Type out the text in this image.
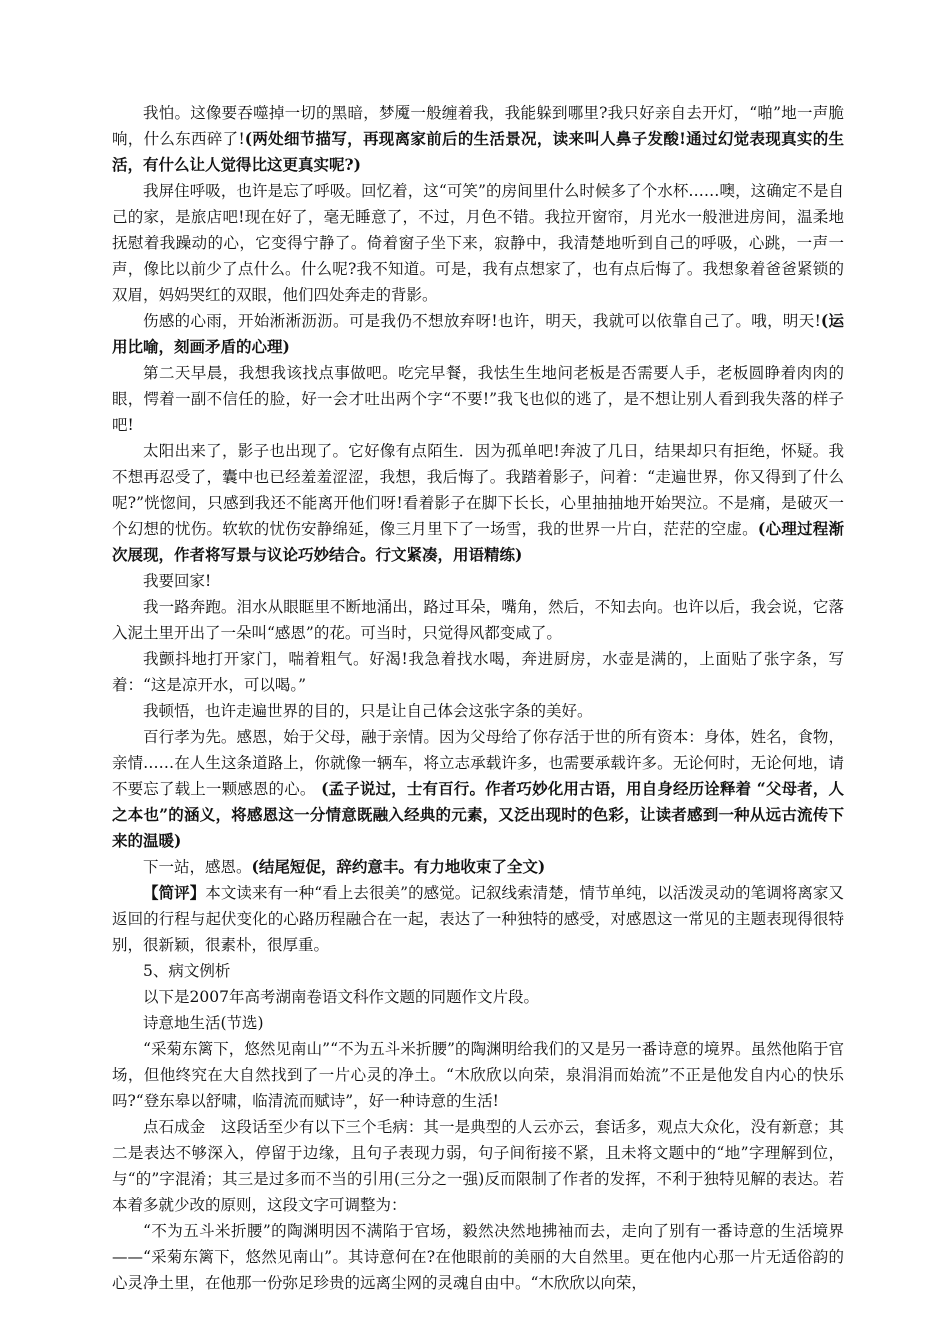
我怕。这像要吞噬掉一切的黑暗，梦魇一般缠着我，我能躲到哪里?我只好亲自去开灯，“啪”地一声脆响，什么东西碎了!(两处细节描写，再现离家前后的生活景况，读来叫人鼻子发酸!通过幻觉表现真实的生活，有什么让人觉得比这更真实呢?)

我屏住呼吸，也许是忘了呼吸。回忆着，这“可笑”的房间里什么时候多了个水杯……噢，这确定不是自己的家，是旅店吧!现在好了，毫无睡意了，不过，月色不错。我拉开窗帘，月光水一般泄进房间，温柔地抚慰着我躁动的心，它变得宁静了。倚着窗子坐下来，寂静中，我清楚地听到自己的呼吸，心跳，一声一声，像比以前少了点什么。什么呢?我不知道。可是，我有点想家了，也有点后悔了。我想象着爸爸紧锁的双眉，妈妈哭红的双眼，他们四处奔走的背影。

伤感的心雨，开始淅淅沥沥。可是我仍不想放弃呀!也许，明天，我就可以依靠自己了。哦，明天!(运用比喻，刻画矛盾的心理)

第二天早晨，我想我该找点事做吧。吃完早餐，我怯生生地问老板是否需要人手，老板圆睁着肉肉的眼，愕着一副不信任的脸，好一会才吐出两个字“不要!”我飞也似的逃了，是不想让别人看到我失落的样子吧!

太阳出来了，影子也出现了。它好像有点陌生．因为孤单吧!奔波了几日，结果却只有拒绝，怀疑。我不想再忍受了，囊中也已经羞羞涩涩，我想，我后悔了。我踏着影子，问着：“走遍世界，你又得到了什么呢?”恍惚间，只感到我还不能离开他们呀!看着影子在脚下长长，心里抽抽地开始哭泣。不是痛，是破灭一个幻想的忧伤。软软的忧伤安静绵延，像三月里下了一场雪，我的世界一片白，茫茫的空虚。(心理过程渐次展现，作者将写景与议论巧妙结合。行文紧凑，用语精练)

我要回家!

我一路奔跑。泪水从眼眶里不断地涌出，路过耳朵，嘴角，然后，不知去向。也许以后，我会说，它落入泥土里开出了一朵叫“感恩”的花。可当时，只觉得风都变咸了。

我颤抖地打开家门，喘着粗气。好渴!我急着找水喝，奔进厨房，水壶是满的，上面贴了张字条，写着：“这是凉开水，可以喝。”

我顿悟，也许走遍世界的目的，只是让自己体会这张字条的美好。

百行孝为先。感恩，始于父母，融于亲情。因为父母给了你存活于世的所有资本：身体，姓名，食物，亲情……在人生这条道路上，你就像一辆车，将立志承载许多，也需要承载许多。无论何时，无论何地，请不要忘了载上一颗感恩的心。 (孟子说过，士有百行。作者巧妙化用古语，用自身经历诠释着 “父母者，人之本也”的涵义，将感恩这一分情意既融入经典的元素，又泛出现时的色彩，让读者感到一种从远古流传下来的温暖)

下一站，感恩。(结尾短促，辞约意丰。有力地收束了全文)

【简评】本文读来有一种“看上去很美”的感觉。记叙线索清楚，情节单纯，以活泼灵动的笔调将离家又返回的行程与起伏变化的心路历程融合在一起，表达了一种独特的感受，对感恩这一常见的主题表现得很特别，很新颖，很素朴，很厚重。

5、病文例析

以下是2007年高考湖南卷语文科作文题的同题作文片段。

诗意地生活(节选)

“采菊东篱下，悠然见南山”“不为五斗米折腰”的陶渊明给我们的又是另一番诗意的境界。虽然他陷于官场，但他终究在大自然找到了一片心灵的净土。“木欣欣以向荣，泉涓涓而始流”不正是他发自内心的快乐吗?“登东皋以舒啸，临清流而赋诗”，好一种诗意的生活!

点石成金　这段话至少有以下三个毛病：其一是典型的人云亦云，套话多，观点大众化，没有新意；其二是表达不够深入，停留于边缘，且句子表现力弱，句子间衔接不紧，且未将文题中的“地”字理解到位，与“的”字混淆；其三是过多而不当的引用(三分之一强)反而限制了作者的发挥，不利于独特见解的表达。若本着多就少改的原则，这段文字可调整为：

“不为五斗米折腰”的陶渊明因不满陷于官场，毅然决然地拂袖而去，走向了别有一番诗意的生活境界——“采菊东篱下，悠然见南山”。其诗意何在?在他眼前的美丽的大自然里。更在他内心那一片无适俗韵的心灵净土里，在他那一份弥足珍贵的远离尘网的灵魂自由中。“木欣欣以向荣，
